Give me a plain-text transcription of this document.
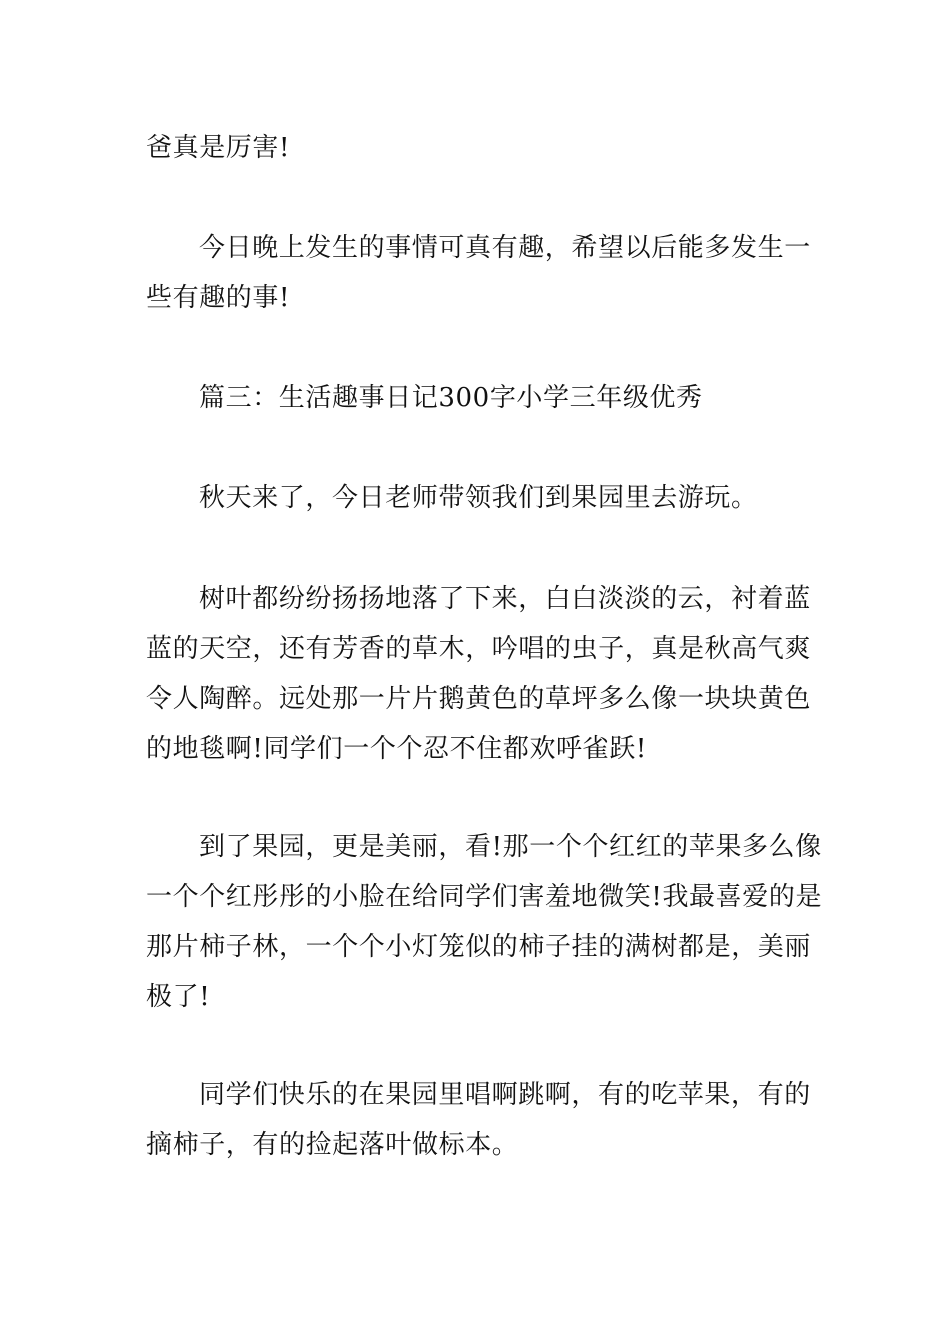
爸真是厉害!

今日晚上发生的事情可真有趣，希望以后能多发生一
些有趣的事!

篇三：生活趣事日记300字小学三年级优秀

秋天来了，今日老师带领我们到果园里去游玩。

树叶都纷纷扬扬地落了下来，白白淡淡的云，衬着蓝
蓝的天空，还有芳香的草木，吟唱的虫子，真是秋高气爽
令人陶醉。远处那一片片鹅黄色的草坪多么像一块块黄色
的地毯啊!同学们一个个忍不住都欢呼雀跃!

到了果园，更是美丽，看!那一个个红红的苹果多么像
一个个红彤彤的小脸在给同学们害羞地微笑!我最喜爱的是
那片柿子林，一个个小灯笼似的柿子挂的满树都是，美丽
极了!

同学们快乐的在果园里唱啊跳啊，有的吃苹果，有的
摘柿子，有的捡起落叶做标本。
